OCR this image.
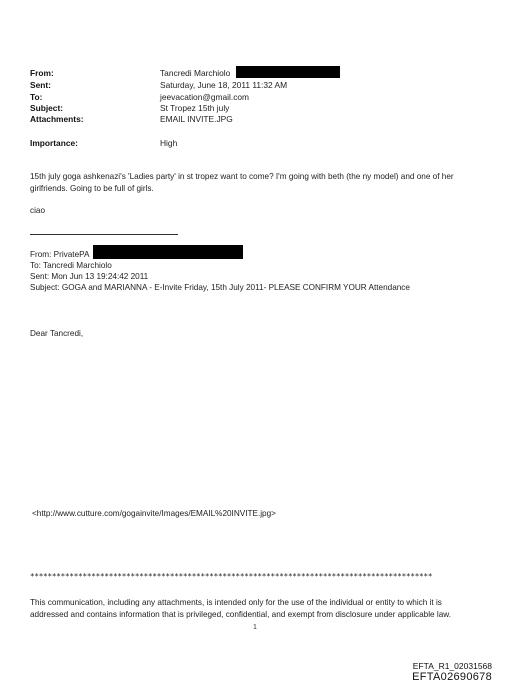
From:	Tancredi Marchiolo
Sent:	Saturday, June 18, 2011 11:32 AM
To:	jeevacation@gmail.com
Subject:	St Tropez 15th july
Attachments:	EMAIL INVITE.JPG
Importance:	High
15th july goga ashkenazi's 'Ladies party' in st tropez want to come? I'm going with beth (the ny model) and one of her
girlfriends. Going to be full of girls.
ciao
From: PrivatePA
To: Tancredi Marchiolo
Sent: Mon Jun 13 19:24:42 2011
Subject: GOGA and MARIANNA - E-Invite Friday, 15th July 2011- PLEASE CONFIRM YOUR Attendance
Dear Tancredi,
<http://www.cutture.com/gogainvite/Images/EMAIL%20INVITE.jpg>
********************************************************************************************
This communication, including any attachments, is intended only for the use of the individual or entity to which it is
addressed and contains information that is privileged, confidential, and exempt from disclosure under applicable law.
1
EFTA_R1_02031568
EFTA02690678
